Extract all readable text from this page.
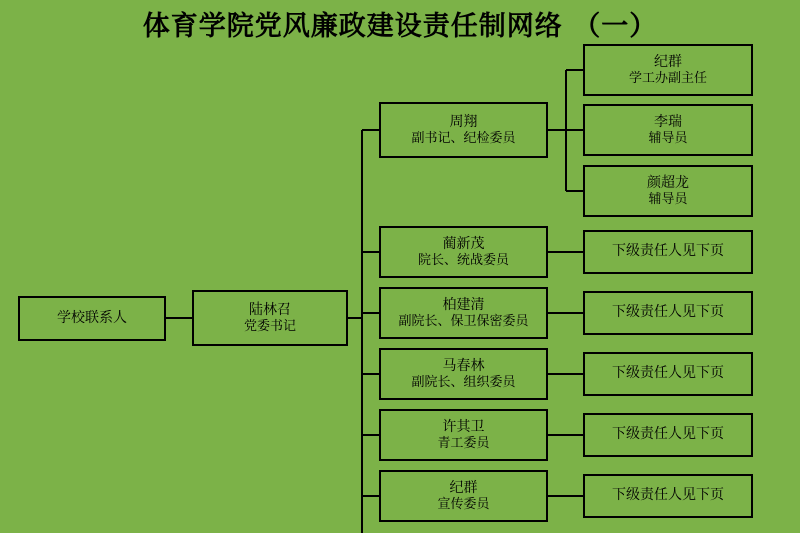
体育学院党风廉政建设责任制网络 （一）
学校联系人
陆林召
党委书记
周翔
副书记、纪检委员
蔺新茂
院长、统战委员
柏建清
副院长、保卫保密委员
马春林
副院长、组织委员
许其卫
青工委员
纪群
宣传委员
纪群
学工办副主任
李瑞
辅导员
颜超龙
辅导员
下级责任人见下页
下级责任人见下页
下级责任人见下页
下级责任人见下页
下级责任人见下页
